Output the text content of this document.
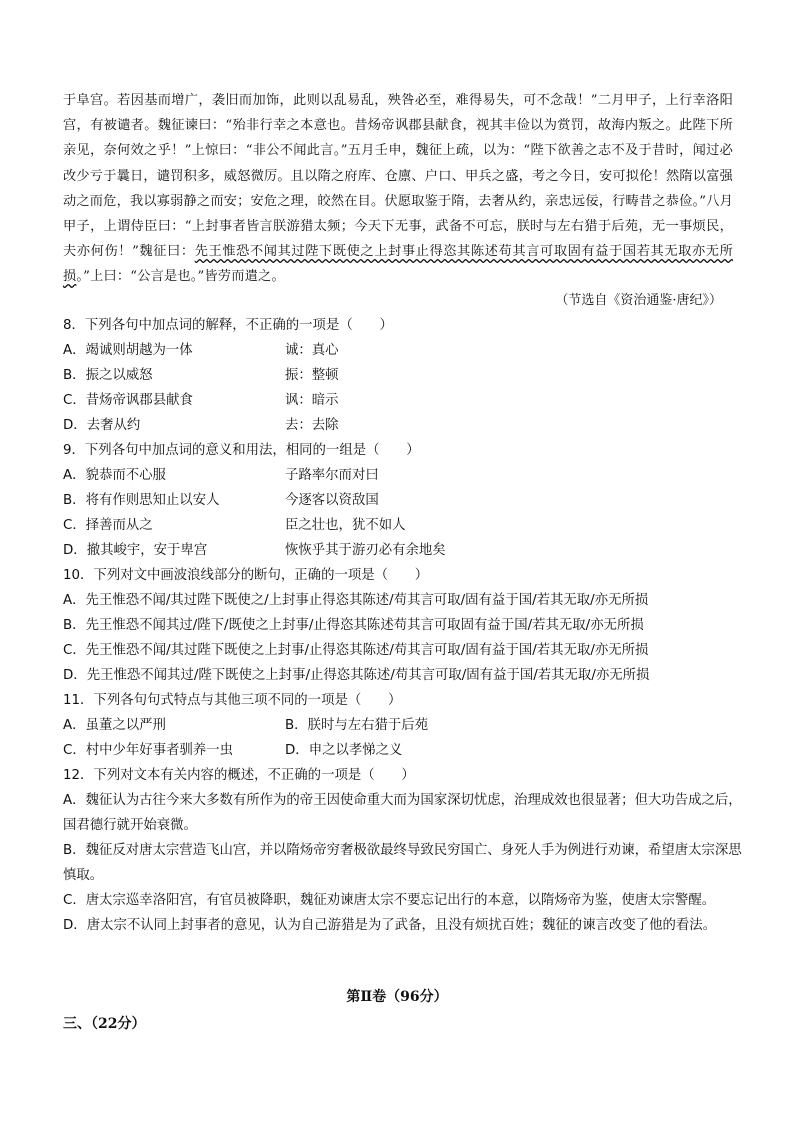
于阜宫。若因基而增广，袭旧而加饰，此则以乱易乱，殃咎必至，难得易失，可不念哉！”二月甲子，上行幸洛阳宫，有被谴者。魏征谏曰：“殆非行幸之本意也。昔炀帝讽郡县献食，视其丰俭以为赏罚，故海内叛之。此陛下所亲见，奈何效之乎！”上惊曰：“非公不闻此言。”五月壬申，魏征上疏，以为：“陛下欲善之志不及于昔时，闻过必改少亏于曩日，谴罚积多，威怒微厉。且以隋之府库、仓廪、户口、甲兵之盛，考之今日，安可拟伦！然隋以富强动之而危，我以寡弱静之而安；安危之理，皎然在目。伏愿取鉴于隋，去奢从约，亲忠远佞，行畴昔之恭俭。”八月甲子，上谓侍臣曰：“上封事者皆言朕游猎太频；今天下无事，武备不可忘，朕时与左右猎于后苑，无一事烦民，夫亦何伤！”魏征曰：先王惟恐不闻其过陛下既使之上封事止得恣其陈述苟其言可取固有益于国若其无取亦无所损。”上曰：“公言是也。”皆劳而遣之。

（节选自《资治通鉴·唐纪》）
8．下列各句中加点词的解释，不正确的一项是（　　）
A．竭诚则胡越为一体	诚：真心
B．振之以威怒	振：整顿
C．昔炀帝讽郡县献食	讽：暗示
D．去奢从约	去：去除
9．下列各句中加点词的意义和用法，相同的一组是（　　）
A．貌恭而不心服	子路率尔而对曰
B．将有作则思知止以安人	今逐客以资敌国
C．择善而从之	臣之壮也，犹不如人
D．撤其峻宇，安于卑宫	恢恢乎其于游刃必有余地矣
10．下列对文中画波浪线部分的断句，正确的一项是（　　）
A．先王惟恐不闻/其过陛下既使之/上封事止得恣其陈述/苟其言可取/固有益于国/若其无取/亦无所损
B．先王惟恐不闻其过/陛下/既使之上封事/止得恣其陈述苟其言可取固有益于国/若其无取/亦无所损
C．先王惟恐不闻/其过陛下既使之上封事/止得恣其陈述/苟其言可取/固有益于国/若其无取/亦无所损
D．先王惟恐不闻其过/陛下既使之上封事/止得恣其陈述/苟其言可取/固有益于国/若其无取/亦无所损
11．下列各句句式特点与其他三项不同的一项是（　　）
A．虽董之以严刑	B．朕时与左右猎于后苑
C．村中少年好事者驯养一虫	D．申之以孝悌之义
12．下列对文本有关内容的概述，不正确的一项是（　　）
A．魏征认为古往今来大多数有所作为的帝王因使命重大而为国家深切忧虑，治理成效也很显著；但大功告成之后，国君德行就开始衰微。
B．魏征反对唐太宗营造飞山宫，并以隋炀帝穷奢极欲最终导致民穷国亡、身死人手为例进行劝谏，希望唐太宗深思慎取。
C．唐太宗巡幸洛阳宫，有官员被降职，魏征劝谏唐太宗不要忘记出行的本意，以隋炀帝为鉴，使唐太宗警醒。
D．唐太宗不认同上封事者的意见，认为自己游猎是为了武备，且没有烦扰百姓；魏征的谏言改变了他的看法。
第Ⅱ卷（96分）
三、（22分）
